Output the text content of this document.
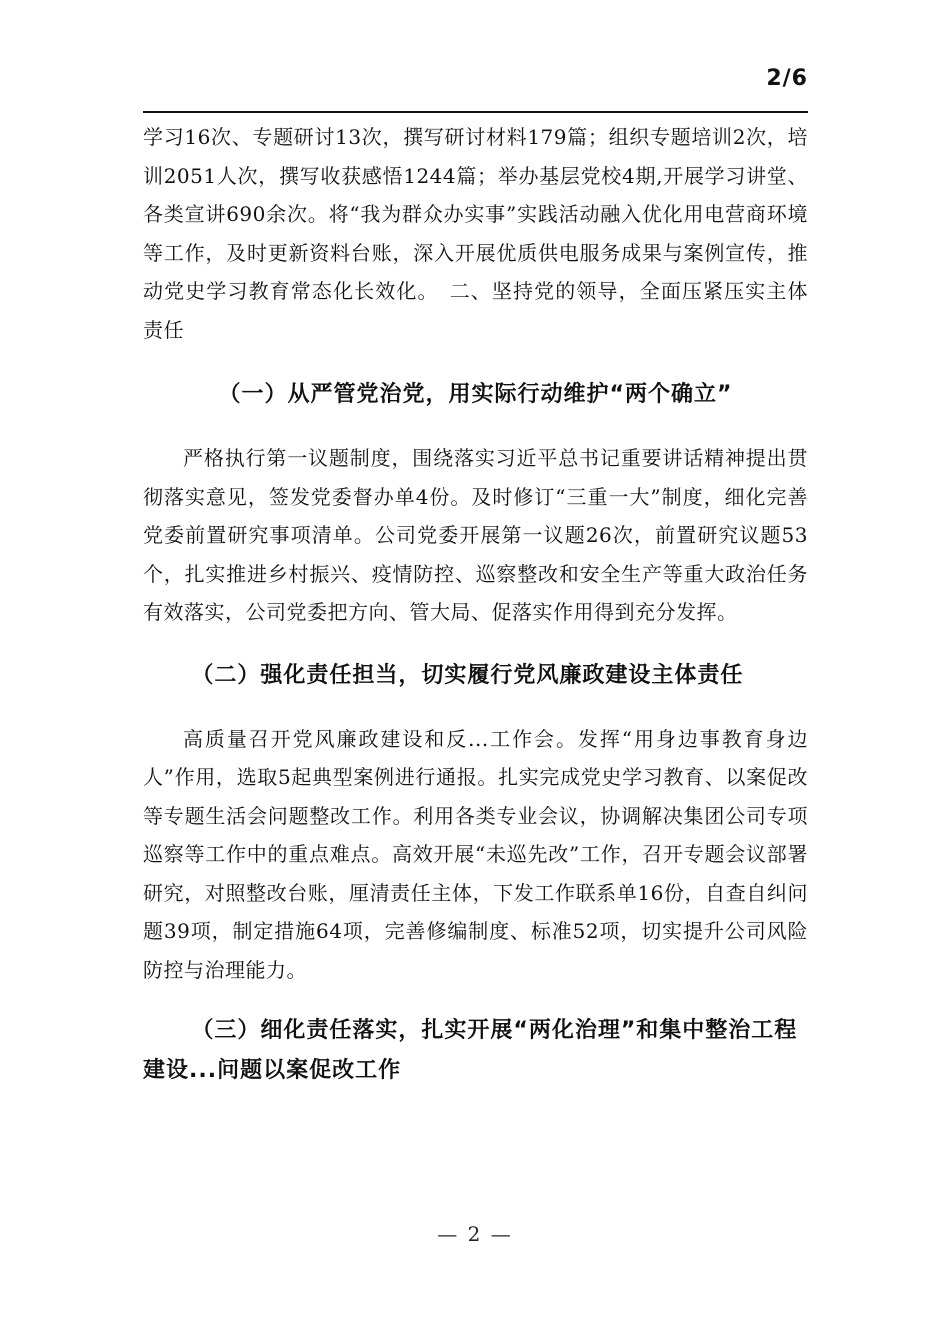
2/6

学习16次、专题研讨13次，撰写研讨材料179篇；组织专题培训2次，培训2051人次，撰写收获感悟1244篇；举办基层党校4期,开展学习讲堂、各类宣讲690余次。将“我为群众办实事”实践活动融入优化用电营商环境等工作，及时更新资料台账，深入开展优质供电服务成果与案例宣传，推动党史学习教育常态化长效化。　二、坚持党的领导，全面压紧压实主体责任

（一）从严管党治党，用实际行动维护“两个确立”

严格执行第一议题制度，围绕落实习近平总书记重要讲话精神提出贯彻落实意见，签发党委督办单4份。及时修订“三重一大”制度，细化完善党委前置研究事项清单。公司党委开展第一议题26次，前置研究议题53个，扎实推进乡村振兴、疫情防控、巡察整改和安全生产等重大政治任务有效落实，公司党委把方向、管大局、促落实作用得到充分发挥。

（二）强化责任担当，切实履行党风廉政建设主体责任

高质量召开党风廉政建设和反...工作会。发挥“用身边事教育身边人”作用，选取5起典型案例进行通报。扎实完成党史学习教育、以案促改等专题生活会问题整改工作。利用各类专业会议，协调解决集团公司专项巡察等工作中的重点难点。高效开展“未巡先改”工作，召开专题会议部署研究，对照整改台账，厘清责任主体，下发工作联系单16份，自查自纠问题39项，制定措施64项，完善修编制度、标准52项，切实提升公司风险防控与治理能力。

（三）细化责任落实，扎实开展“两化治理”和集中整治工程建设...问题以案促改工作
— 2 —
